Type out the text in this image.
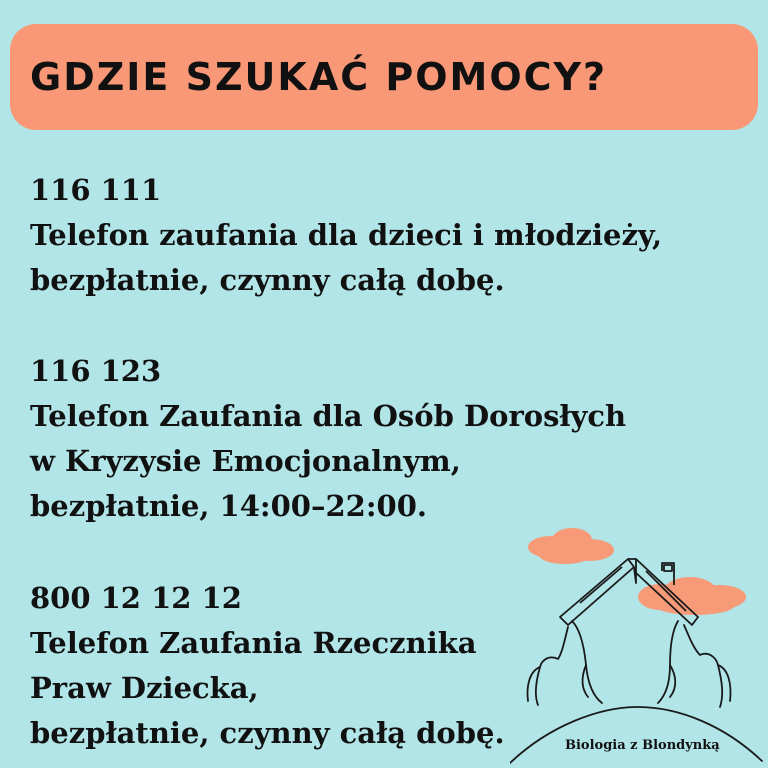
GDZIE SZUKAĆ POMOCY?
116 111
Telefon zaufania dla dzieci i młodzieży,
bezpłatnie, czynny całą dobę.
116 123
Telefon Zaufania dla Osób Dorosłych
w Kryzysie Emocjonalnym,
bezpłatnie, 14:00–22:00.
800 12 12 12
Telefon Zaufania Rzecznika
Praw Dziecka,
bezpłatnie, czynny całą dobę.	Biologia z Blondynką
